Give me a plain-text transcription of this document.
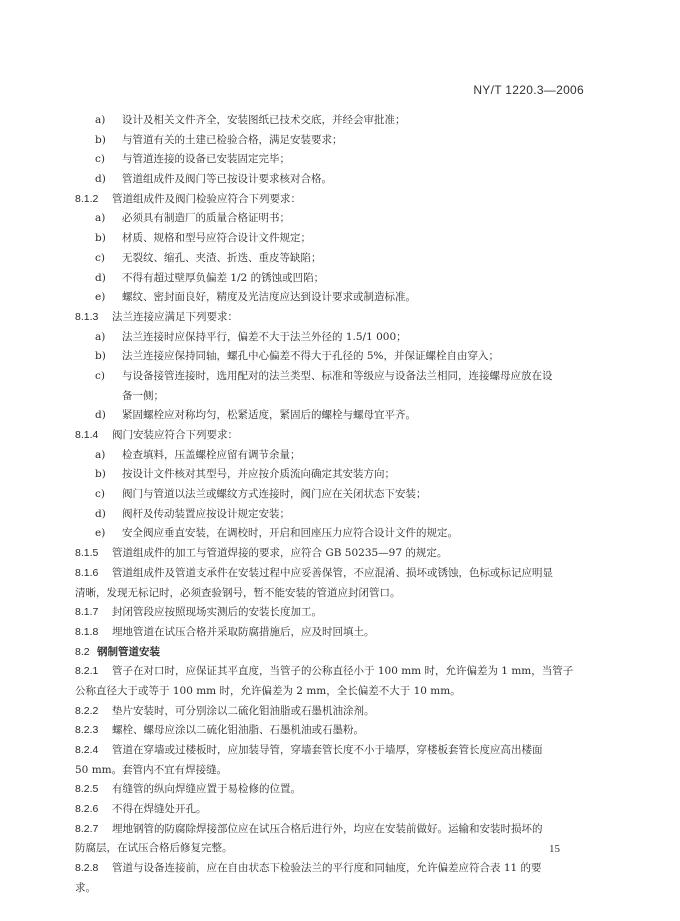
NY/T 1220.3—2006
a) 设计及相关文件齐全，安装图纸已技术交底，并经会审批准；
b) 与管道有关的土建已检验合格，满足安装要求；
c) 与管道连接的设备已安装固定完毕；
d) 管道组成件及阀门等已按设计要求核对合格。
8.1.2 管道组成件及阀门检验应符合下列要求：
a) 必须具有制造厂的质量合格证明书；
b) 材质、规格和型号应符合设计文件规定；
c) 无裂纹、缩孔、夹渣、折迭、重皮等缺陷；
d) 不得有超过壁厚负偏差 1/2 的锈蚀或凹陷；
e) 螺纹、密封面良好，精度及光洁度应达到设计要求或制造标准。
8.1.3 法兰连接应满足下列要求：
a) 法兰连接时应保持平行，偏差不大于法兰外径的 1.5/1 000；
b) 法兰连接应保持同轴，螺孔中心偏差不得大于孔径的 5%，并保证螺栓自由穿入；
c) 与设备接管连接时，选用配对的法兰类型、标准和等级应与设备法兰相同，连接螺母应放在设
备一侧；
d) 紧固螺栓应对称均匀，松紧适度，紧固后的螺栓与螺母宜平齐。
8.1.4 阀门安装应符合下列要求：
a) 检查填料，压盖螺栓应留有调节余量；
b) 按设计文件核对其型号，并应按介质流向确定其安装方向；
c) 阀门与管道以法兰或螺纹方式连接时，阀门应在关闭状态下安装；
d) 阀杆及传动装置应按设计规定安装；
e) 安全阀应垂直安装，在调校时，开启和回座压力应符合设计文件的规定。
8.1.5 管道组成件的加工与管道焊接的要求，应符合 GB 50235—97 的规定。
8.1.6 管道组成件及管道支承件在安装过程中应妥善保管，不应混淆、损坏或锈蚀，色标或标记应明显
清晰，发现无标记时，必须查验钢号，暂不能安装的管道应封闭管口。
8.1.7 封闭管段应按照现场实测后的安装长度加工。
8.1.8 埋地管道在试压合格并采取防腐措施后，应及时回填土。
8.2 钢制管道安装
8.2.1 管子在对口时，应保证其平直度，当管子的公称直径小于 100 mm 时，允许偏差为 1 mm，当管子
公称直径大于或等于 100 mm 时，允许偏差为 2 mm，全长偏差不大于 10 mm。
8.2.2 垫片安装时，可分别涂以二硫化钼油脂或石墨机油涂剂。
8.2.3 螺栓、螺母应涂以二硫化钼油脂、石墨机油或石墨粉。
8.2.4 管道在穿墙或过楼板时，应加装导管，穿墙套管长度不小于墙厚，穿楼板套管长度应高出楼面
50 mm。套管内不宜有焊接缝。
8.2.5 有缝管的纵向焊缝应置于易检修的位置。
8.2.6 不得在焊缝处开孔。
8.2.7 埋地钢管的防腐除焊接部位应在试压合格后进行外，均应在安装前做好。运输和安装时损坏的
防腐层，在试压合格后修复完整。
8.2.8 管道与设备连接前，应在自由状态下检验法兰的平行度和同轴度，允许偏差应符合表 11 的要
求。
15
